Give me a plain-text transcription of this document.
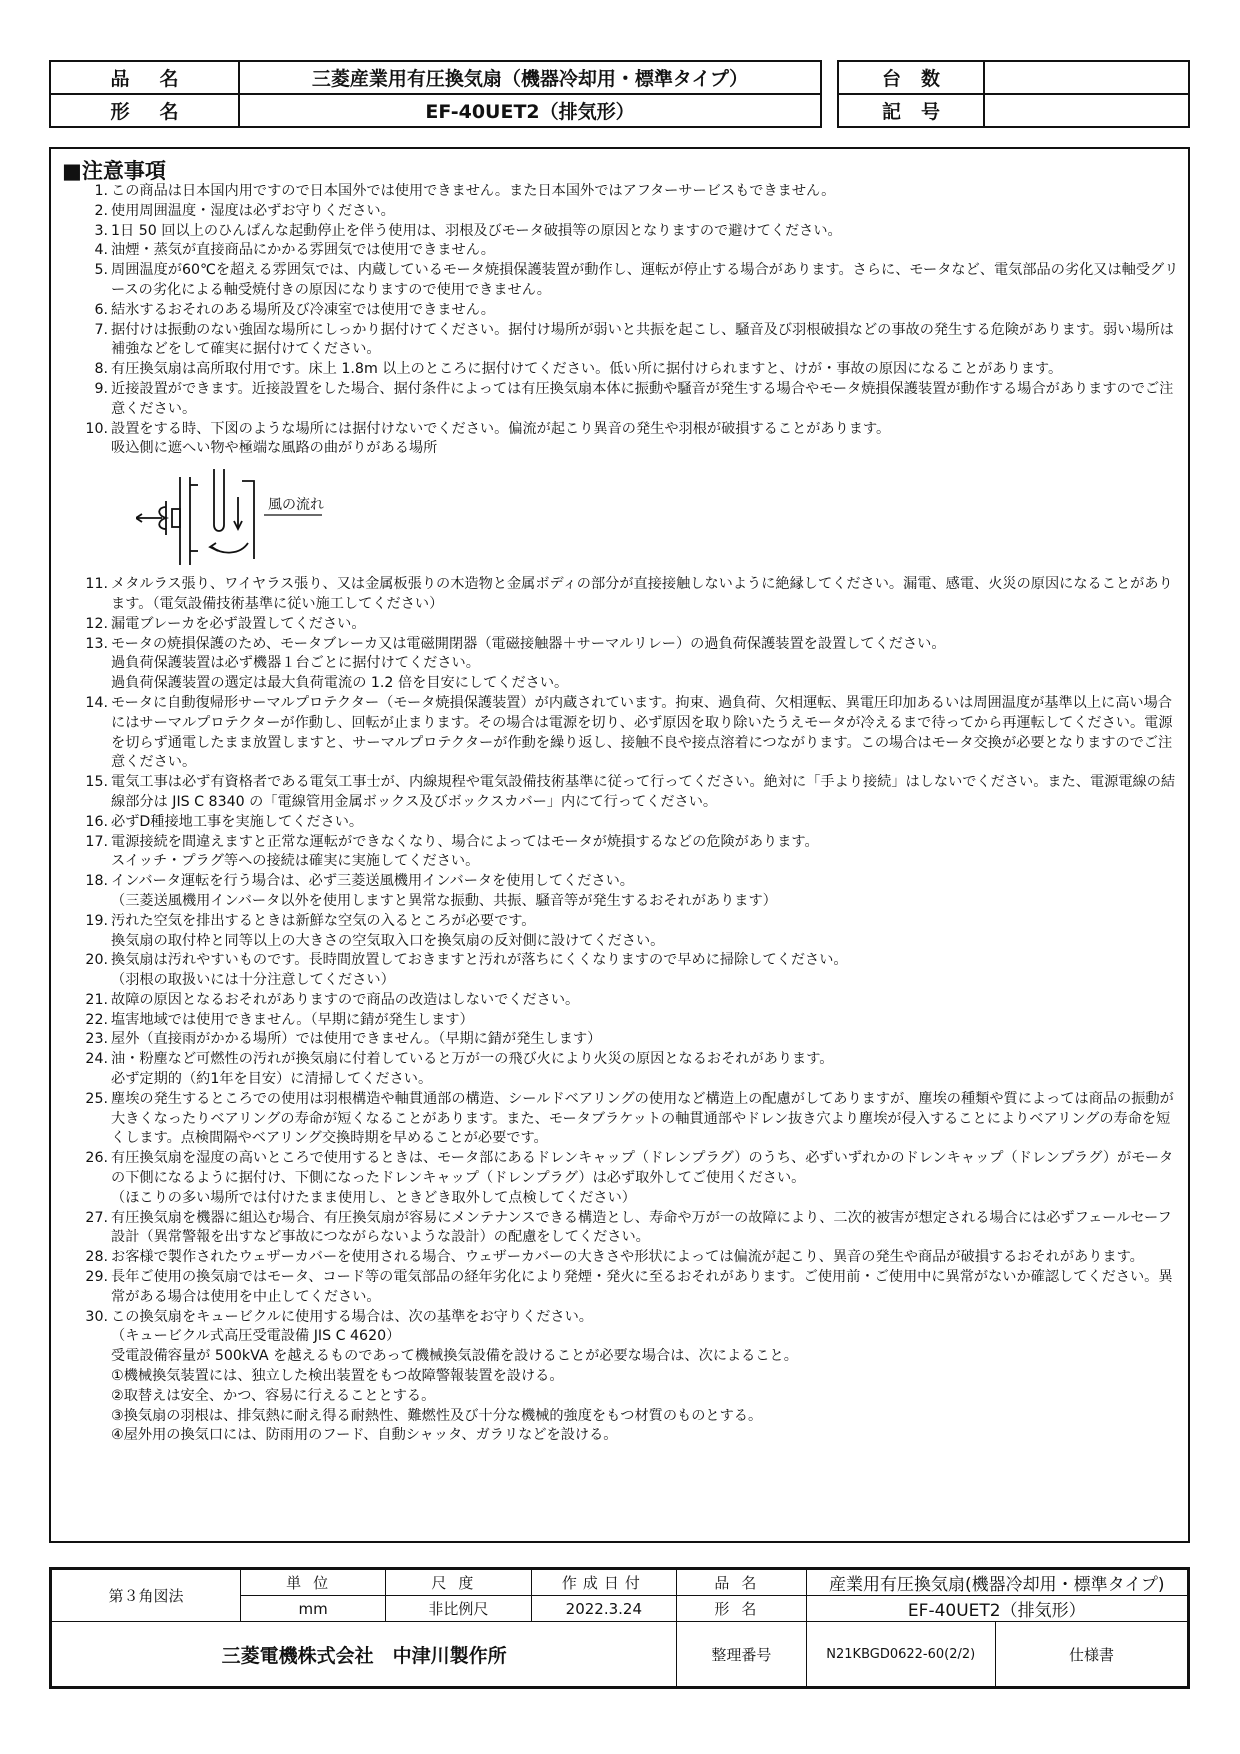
品名	三菱産業用有圧換気扇（機器冷却用・標準タイプ）
形名	EF-40UET2（排気形）
台数	
記号	
■注意事項
1. この商品は日本国内用ですので日本国外では使用できません。また日本国外ではアフターサービスもできません。
2. 使用周囲温度・湿度は必ずお守りください。
3. 1日 50 回以上のひんぱんな起動停止を伴う使用は、羽根及びモータ破損等の原因となりますので避けてください。
4. 油煙・蒸気が直接商品にかかる雰囲気では使用できません。
5. 周囲温度が60℃を超える雰囲気では、内蔵しているモータ焼損保護装置が動作し、運転が停止する場合があります。さらに、モータなど、電気部品の劣化又は軸受グリースの劣化による軸受焼付きの原因になりますので使用できません。
6. 結氷するおそれのある場所及び冷凍室では使用できません。
7. 据付けは振動のない強固な場所にしっかり据付けてください。据付け場所が弱いと共振を起こし、騒音及び羽根破損などの事故の発生する危険があります。弱い場所は補強などをして確実に据付けてください。
8. 有圧換気扇は高所取付用です。床上 1.8m 以上のところに据付けてください。低い所に据付けられますと、けが・事故の原因になることがあります。
9. 近接設置ができます。近接設置をした場合、据付条件によっては有圧換気扇本体に振動や騒音が発生する場合やモータ焼損保護装置が動作する場合がありますのでご注意ください。
10. 設置をする時、下図のような場所には据付けないでください。偏流が起こり異音の発生や羽根が破損することがあります。
吸込側に遮へい物や極端な風路の曲がりがある場所
風の流れ
11. メタルラス張り、ワイヤラス張り、又は金属板張りの木造物と金属ボディの部分が直接接触しないように絶縁してください。漏電、感電、火災の原因になることがあります。（電気設備技術基準に従い施工してください）
12. 漏電ブレーカを必ず設置してください。
13. モータの焼損保護のため、モータブレーカ又は電磁開閉器（電磁接触器＋サーマルリレー）の過負荷保護装置を設置してください。
過負荷保護装置は必ず機器１台ごとに据付けてください。
過負荷保護装置の選定は最大負荷電流の 1.2 倍を目安にしてください。
14. モータに自動復帰形サーマルプロテクター（モータ焼損保護装置）が内蔵されています。拘束、過負荷、欠相運転、異電圧印加あるいは周囲温度が基準以上に高い場合にはサーマルプロテクターが作動し、回転が止まります。その場合は電源を切り、必ず原因を取り除いたうえモータが冷えるまで待ってから再運転してください。電源を切らず通電したまま放置しますと、サーマルプロテクターが作動を繰り返し、接触不良や接点溶着につながります。この場合はモータ交換が必要となりますのでご注意ください。
15. 電気工事は必ず有資格者である電気工事士が、内線規程や電気設備技術基準に従って行ってください。絶対に「手より接続」はしないでください。また、電源電線の結線部分は JIS C 8340 の「電線管用金属ボックス及びボックスカバー」内にて行ってください。
16. 必ずD種接地工事を実施してください。
17. 電源接続を間違えますと正常な運転ができなくなり、場合によってはモータが焼損するなどの危険があります。
スイッチ・プラグ等への接続は確実に実施してください。
18. インバータ運転を行う場合は、必ず三菱送風機用インバータを使用してください。
（三菱送風機用インバータ以外を使用しますと異常な振動、共振、騒音等が発生するおそれがあります）
19. 汚れた空気を排出するときは新鮮な空気の入るところが必要です。
換気扇の取付枠と同等以上の大きさの空気取入口を換気扇の反対側に設けてください。
20. 換気扇は汚れやすいものです。長時間放置しておきますと汚れが落ちにくくなりますので早めに掃除してください。
（羽根の取扱いには十分注意してください）
21. 故障の原因となるおそれがありますので商品の改造はしないでください。
22. 塩害地域では使用できません。（早期に錆が発生します）
23. 屋外（直接雨がかかる場所）では使用できません。（早期に錆が発生します）
24. 油・粉塵など可燃性の汚れが換気扇に付着していると万が一の飛び火により火災の原因となるおそれがあります。
必ず定期的（約1年を目安）に清掃してください。
25. 塵埃の発生するところでの使用は羽根構造や軸貫通部の構造、シールドベアリングの使用など構造上の配慮がしてありますが、塵埃の種類や質によっては商品の振動が大きくなったりベアリングの寿命が短くなることがあります。また、モータブラケットの軸貫通部やドレン抜き穴より塵埃が侵入することによりベアリングの寿命を短くします。点検間隔やベアリング交換時期を早めることが必要です。
26. 有圧換気扇を湿度の高いところで使用するときは、モータ部にあるドレンキャップ（ドレンプラグ）のうち、必ずいずれかのドレンキャップ（ドレンプラグ）がモータの下側になるように据付け、下側になったドレンキャップ（ドレンプラグ）は必ず取外してご使用ください。
（ほこりの多い場所では付けたまま使用し、ときどき取外して点検してください）
27. 有圧換気扇を機器に組込む場合、有圧換気扇が容易にメンテナンスできる構造とし、寿命や万が一の故障により、二次的被害が想定される場合には必ずフェールセーフ設計（異常警報を出すなど事故につながらないような設計）の配慮をしてください。
28. お客様で製作されたウェザーカバーを使用される場合、ウェザーカバーの大きさや形状によっては偏流が起こり、異音の発生や商品が破損するおそれがあります。
29. 長年ご使用の換気扇ではモータ、コード等の電気部品の経年劣化により発煙・発火に至るおそれがあります。ご使用前・ご使用中に異常がないか確認してください。異常がある場合は使用を中止してください。
30. この換気扇をキュービクルに使用する場合は、次の基準をお守りください。
（キュービクル式高圧受電設備 JIS C 4620）
受電設備容量が 500kVA を越えるものであって機械換気設備を設けることが必要な場合は、次によること。
①機械換気装置には、独立した検出装置をもつ故障警報装置を設ける。
②取替えは安全、かつ、容易に行えることとする。
③換気扇の羽根は、排気熱に耐え得る耐熱性、難燃性及び十分な機械的強度をもつ材質のものとする。
④屋外用の換気口には、防雨用のフード、自動シャッタ、ガラリなどを設ける。
第３角図法	単位	尺度	作成日付	品名	産業用有圧換気扇(機器冷却用・標準タイプ)	
	mm	非比例尺	2022.3.24	形名	EF-40UET2（排気形）	
三菱電機株式会社　中津川製作所				整理番号	N21KBGD0622-60(2/2)	仕様書
